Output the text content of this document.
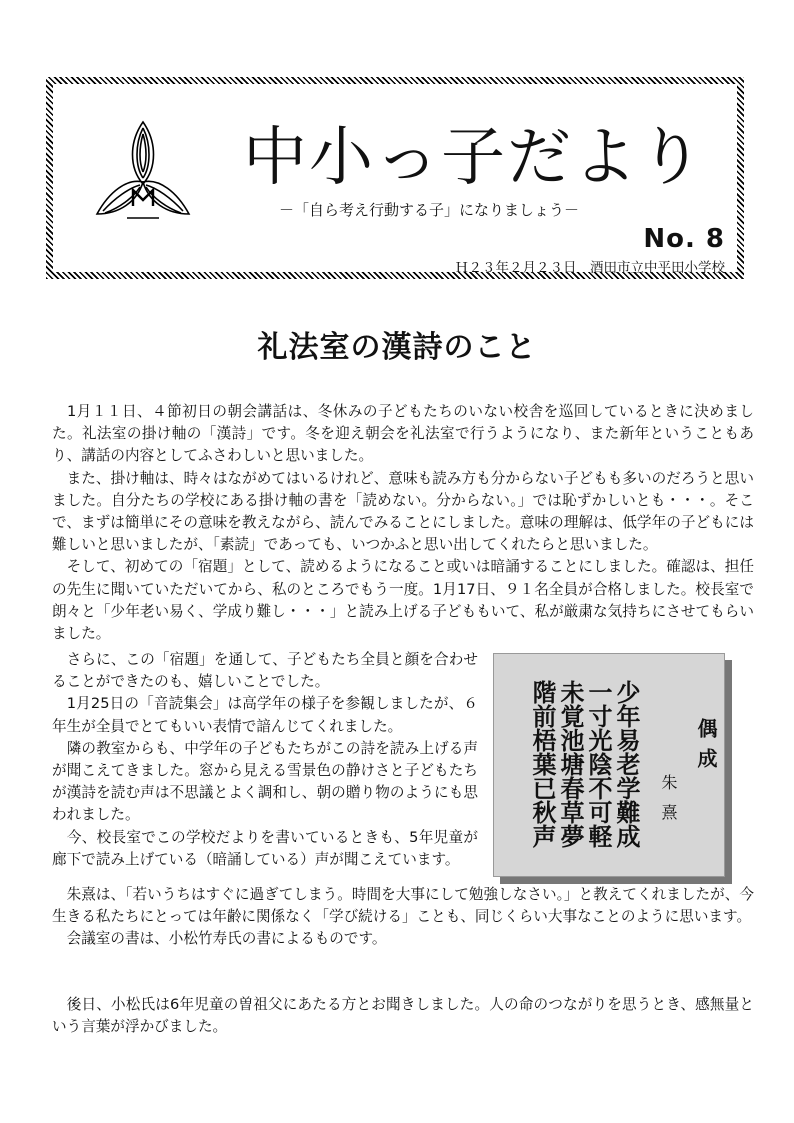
中小っ子だより
－「自ら考え行動する子」になりましょう－
No. 8
Ｈ２３年２月２３日　酒田市立中平田小学校
礼法室の漢詩のこと

　1月１１日、４節初日の朝会講話は、冬休みの子どもたちのいない校舎を巡回しているときに決めました。礼法室の掛け軸の「漢詩」です。冬を迎え朝会を礼法室で行うようになり、また新年ということもあり、講話の内容としてふさわしいと思いました。
　また、掛け軸は、時々はながめてはいるけれど、意味も読み方も分からない子どもも多いのだろうと思いました。自分たちの学校にある掛け軸の書を「読めない。分からない。」では恥ずかしいとも・・・。そこで、まずは簡単にその意味を教えながら、読んでみることにしました。意味の理解は、低学年の子どもには難しいと思いましたが、「素読」であっても、いつかふと思い出してくれたらと思いました。
　そして、初めての「宿題」として、読めるようになること或いは暗誦することにしました。確認は、担任の先生に聞いていただいてから、私のところでもう一度。1月17日、９１名全員が合格しました。校長室で朗々と「少年老い易く、学成り難し・・・」と読み上げる子どももいて、私が厳粛な気持ちにさせてもらいました。

　さらに、この「宿題」を通して、子どもたち全員と顔を合わせることができたのも、嬉しいことでした。
　1月25日の「音読集会」は高学年の様子を参観しましたが、６年生が全員でとてもいい表情で諳んじてくれました。
　隣の教室からも、中学年の子どもたちがこの詩を読み上げる声が聞こえてきました。窓から見える雪景色の静けさと子どもたちが漢詩を読む声は不思議とよく調和し、朝の贈り物のようにも思われました。
　今、校長室でこの学校だよりを書いているときも、5年児童が廊下で読み上げている（暗誦している）声が聞こえています。

　朱熹は、「若いうちはすぐに過ぎてしまう。時間を大事にして勉強しなさい。」と教えてくれましたが、今生きる私たちにとっては年齢に関係なく「学び続ける」ことも、同じくらい大事なことのように思います。
　会議室の書は、小松竹寿氏の書によるものです。

　後日、小松氏は6年児童の曽祖父にあたる方とお聞きしました。人の命のつながりを思うとき、感無量という言葉が浮かびました。

偶成
朱熹
少年易老学難成
一寸光陰不可軽
未覚池塘春草夢
階前梧葉已秋声
